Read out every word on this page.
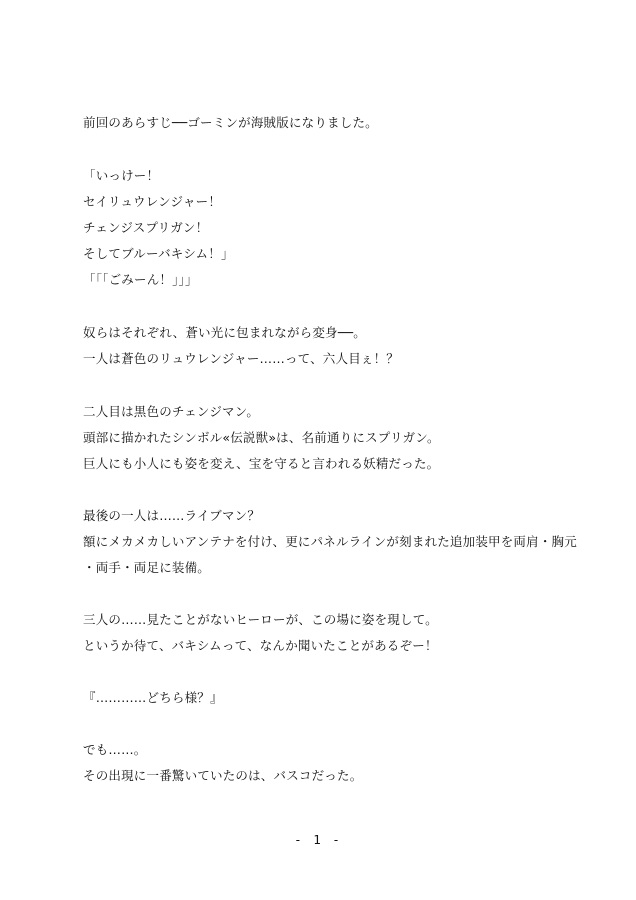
前回のあらすじ──ゴーミンが海賊版になりました。
「いっけー！
セイリュウレンジャー！
チェンジスプリガン！
そしてブルーバキシム！」
「｢｢ごみーん！｣｣」
奴らはそれぞれ、蒼い光に包まれながら変身──。
一人は蒼色のリュウレンジャー……って、六人目ぇ！？
二人目は黒色のチェンジマン。
頭部に描かれたシンボル«伝説獣»は、名前通りにスプリガン。
巨人にも小人にも姿を変え、宝を守ると言われる妖精だった。
最後の一人は……ライブマン？
額にメカメカしいアンテナを付け、更にパネルラインが刻まれた追加装甲を両肩・胸元
・両手・両足に装備。
三人の……見たことがないヒーローが、この場に姿を現して。
というか待て、バキシムって、なんか聞いたことがあるぞー！
『…………どちら様？』
でも……。
その出現に一番驚いていたのは、バスコだった。
- 1 -
